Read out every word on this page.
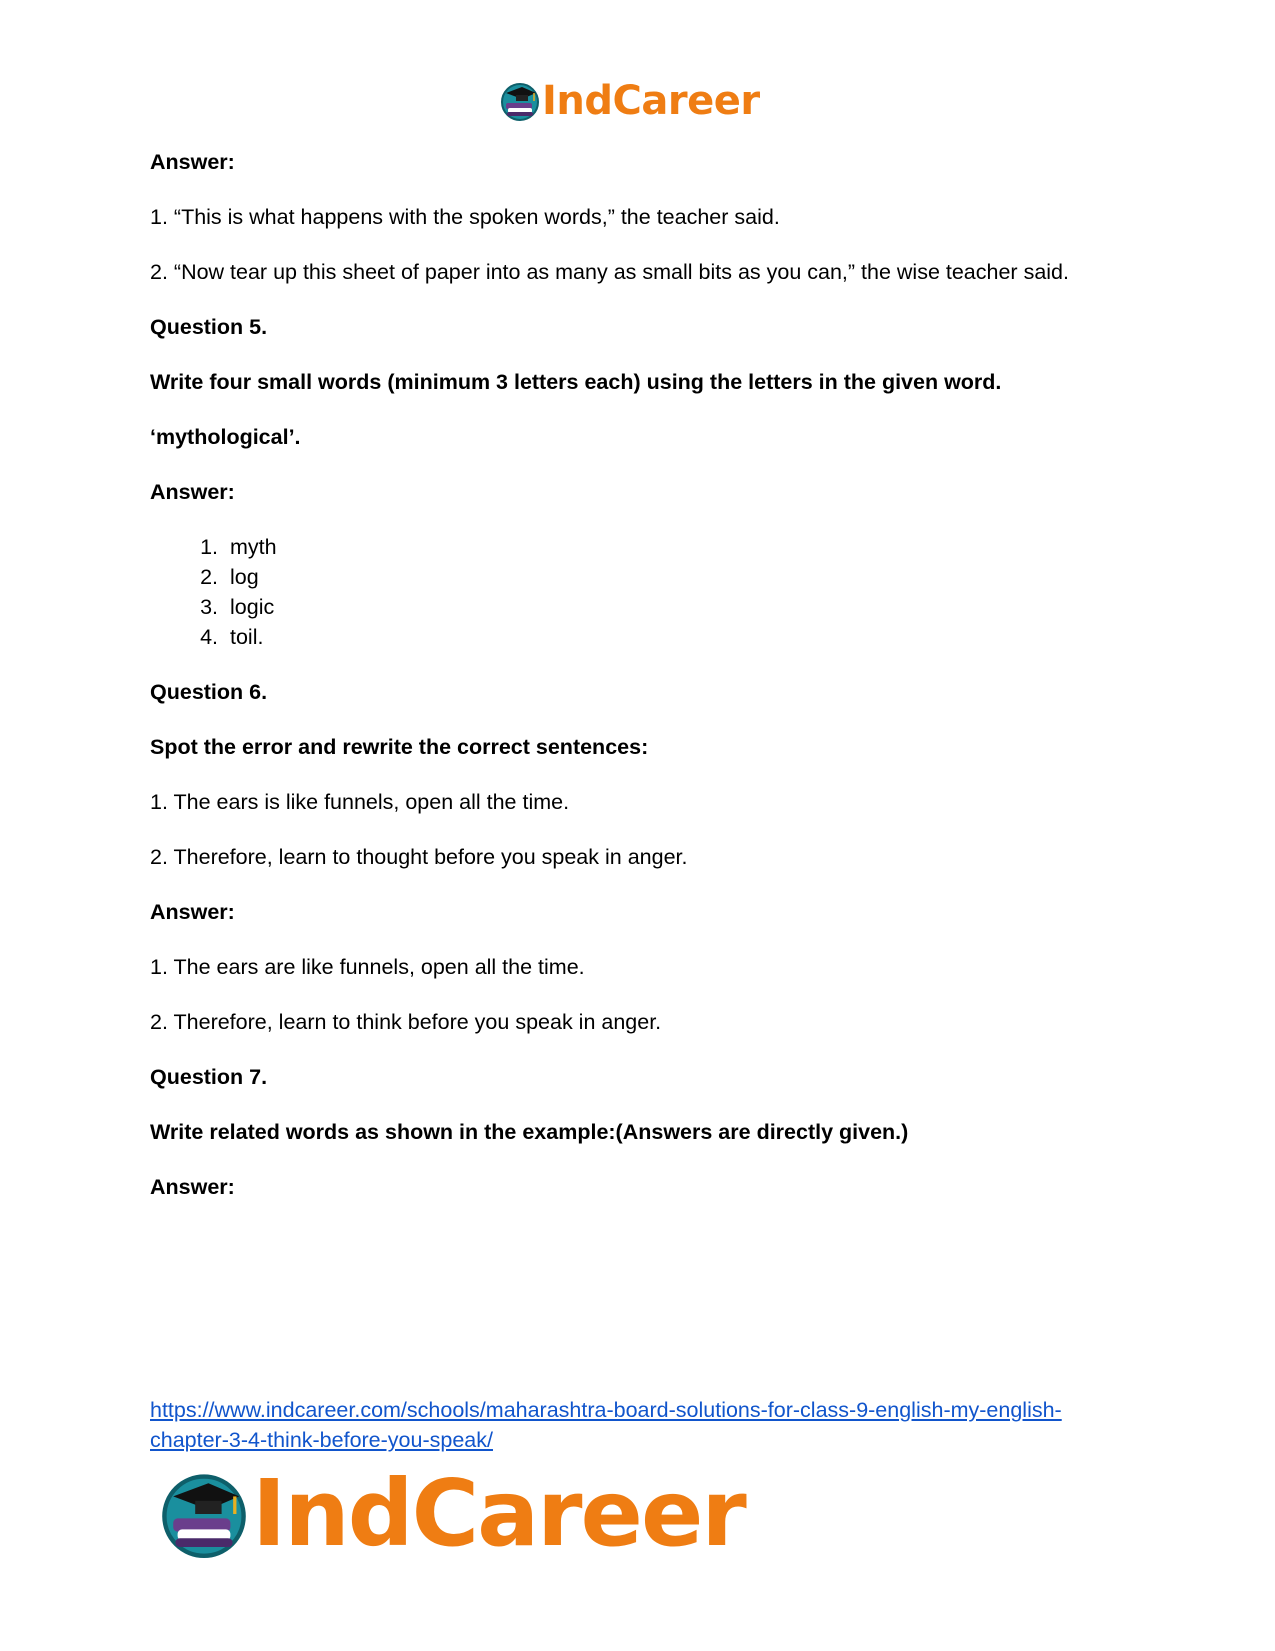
IndCareer

Answer:

1. “This is what happens with the spoken words,” the teacher said.

2. “Now tear up this sheet of paper into as many as small bits as you can,” the wise teacher said.

Question 5.

Write four small words (minimum 3 letters each) using the letters in the given word.

‘mythological’.

Answer:

1. myth
2. log
3. logic
4. toil.

Question 6.

Spot the error and rewrite the correct sentences:

1. The ears is like funnels, open all the time.

2. Therefore, learn to thought before you speak in anger.

Answer:

1. The ears are like funnels, open all the time.

2. Therefore, learn to think before you speak in anger.

Question 7.

Write related words as shown in the example:(Answers are directly given.)

Answer:

https://www.indcareer.com/schools/maharashtra-board-solutions-for-class-9-english-my-english-chapter-3-4-think-before-you-speak/
IndCareer
